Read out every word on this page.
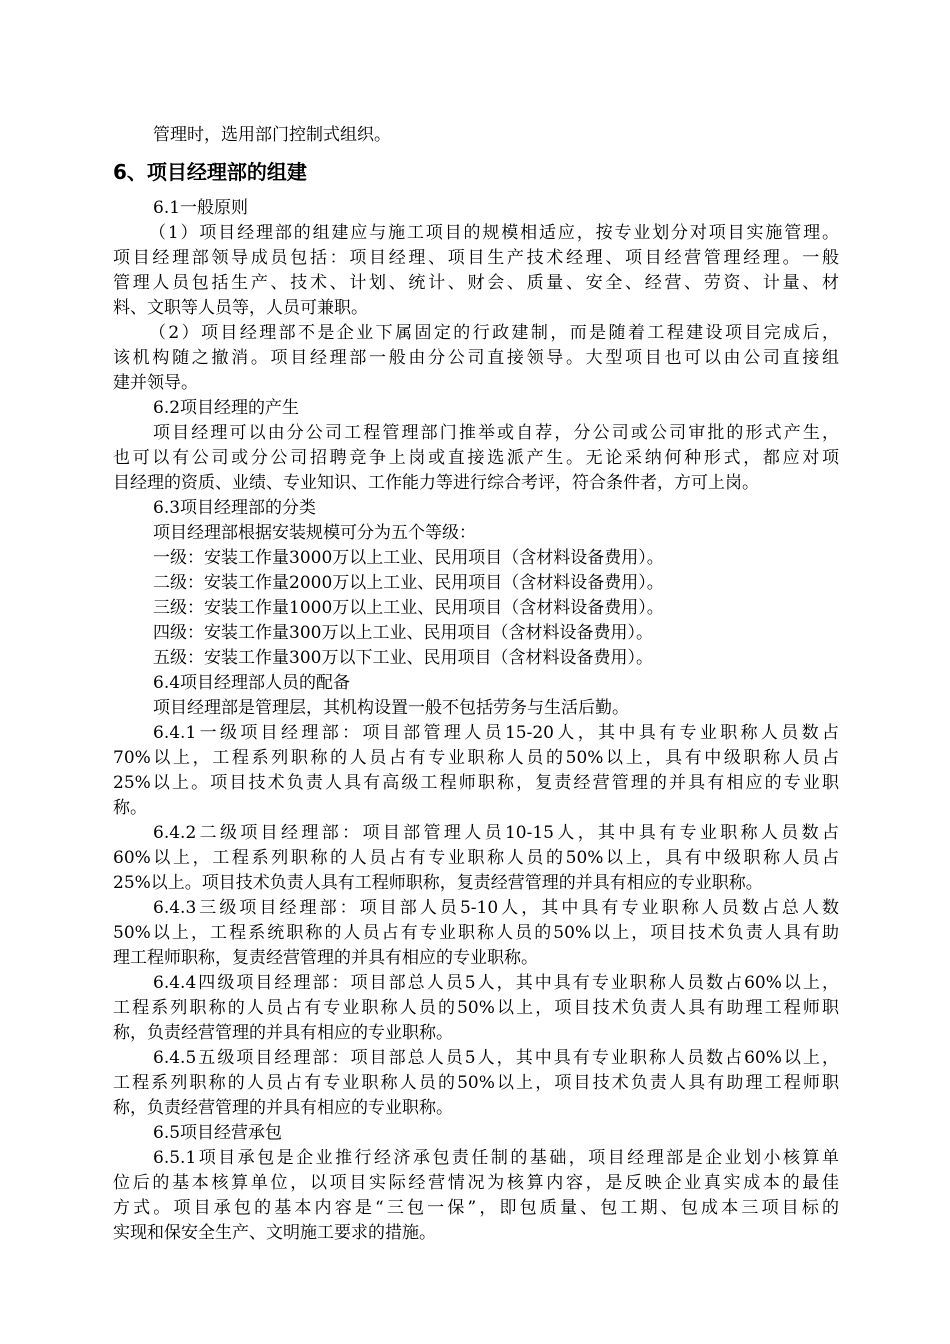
管理时，选用部门控制式组织。
6、项目经理部的组建
6.1一般原则
（1）项目经理部的组建应与施工项目的规模相适应，按专业划分对项目实施管理。
项目经理部领导成员包括：项目经理、项目生产技术经理、项目经营管理经理。一般
管理人员包括生产、技术、计划、统计、财会、质量、安全、经营、劳资、计量、材
料、文职等人员等，人员可兼职。
（2）项目经理部不是企业下属固定的行政建制，而是随着工程建设项目完成后，
该机构随之撤消。项目经理部一般由分公司直接领导。大型项目也可以由公司直接组
建并领导。
6.2项目经理的产生
项目经理可以由分公司工程管理部门推举或自荐，分公司或公司审批的形式产生，
也可以有公司或分公司招聘竞争上岗或直接选派产生。无论采纳何种形式，都应对项
目经理的资质、业绩、专业知识、工作能力等进行综合考评，符合条件者，方可上岗。
6.3项目经理部的分类
项目经理部根据安装规模可分为五个等级：
一级：安装工作量3000万以上工业、民用项目（含材料设备费用）。
二级：安装工作量2000万以上工业、民用项目（含材料设备费用）。
三级：安装工作量1000万以上工业、民用项目（含材料设备费用）。
四级：安装工作量300万以上工业、民用项目（含材料设备费用）。
五级：安装工作量300万以下工业、民用项目（含材料设备费用）。
6.4项目经理部人员的配备
项目经理部是管理层，其机构设置一般不包括劳务与生活后勤。
6.4.1一级项目经理部：项目部管理人员15-20人，其中具有专业职称人员数占
70%以上，工程系列职称的人员占有专业职称人员的50%以上，具有中级职称人员占
25%以上。项目技术负责人具有高级工程师职称，复责经营管理的并具有相应的专业职
称。
6.4.2二级项目经理部：项目部管理人员10-15人，其中具有专业职称人员数占
60%以上，工程系列职称的人员占有专业职称人员的50%以上，具有中级职称人员占
25%以上。项目技术负责人具有工程师职称，复责经营管理的并具有相应的专业职称。
6.4.3三级项目经理部：项目部人员5-10人，其中具有专业职称人员数占总人数
50%以上，工程系统职称的人员占有专业职称人员的50%以上，项目技术负责人具有助
理工程师职称，复责经营管理的并具有相应的专业职称。
6.4.4四级项目经理部：项目部总人员5人，其中具有专业职称人员数占60%以上，
工程系列职称的人员占有专业职称人员的50%以上，项目技术负责人具有助理工程师职
称，负责经营管理的并具有相应的专业职称。
6.4.5五级项目经理部：项目部总人员5人，其中具有专业职称人员数占60%以上，
工程系列职称的人员占有专业职称人员的50%以上，项目技术负责人具有助理工程师职
称，负责经营管理的并具有相应的专业职称。
6.5项目经营承包
6.5.1项目承包是企业推行经济承包责任制的基础，项目经理部是企业划小核算单
位后的基本核算单位，以项目实际经营情况为核算内容，是反映企业真实成本的最佳
方式。项目承包的基本内容是“三包一保”，即包质量、包工期、包成本三项目标的
实现和保安全生产、文明施工要求的措施。
